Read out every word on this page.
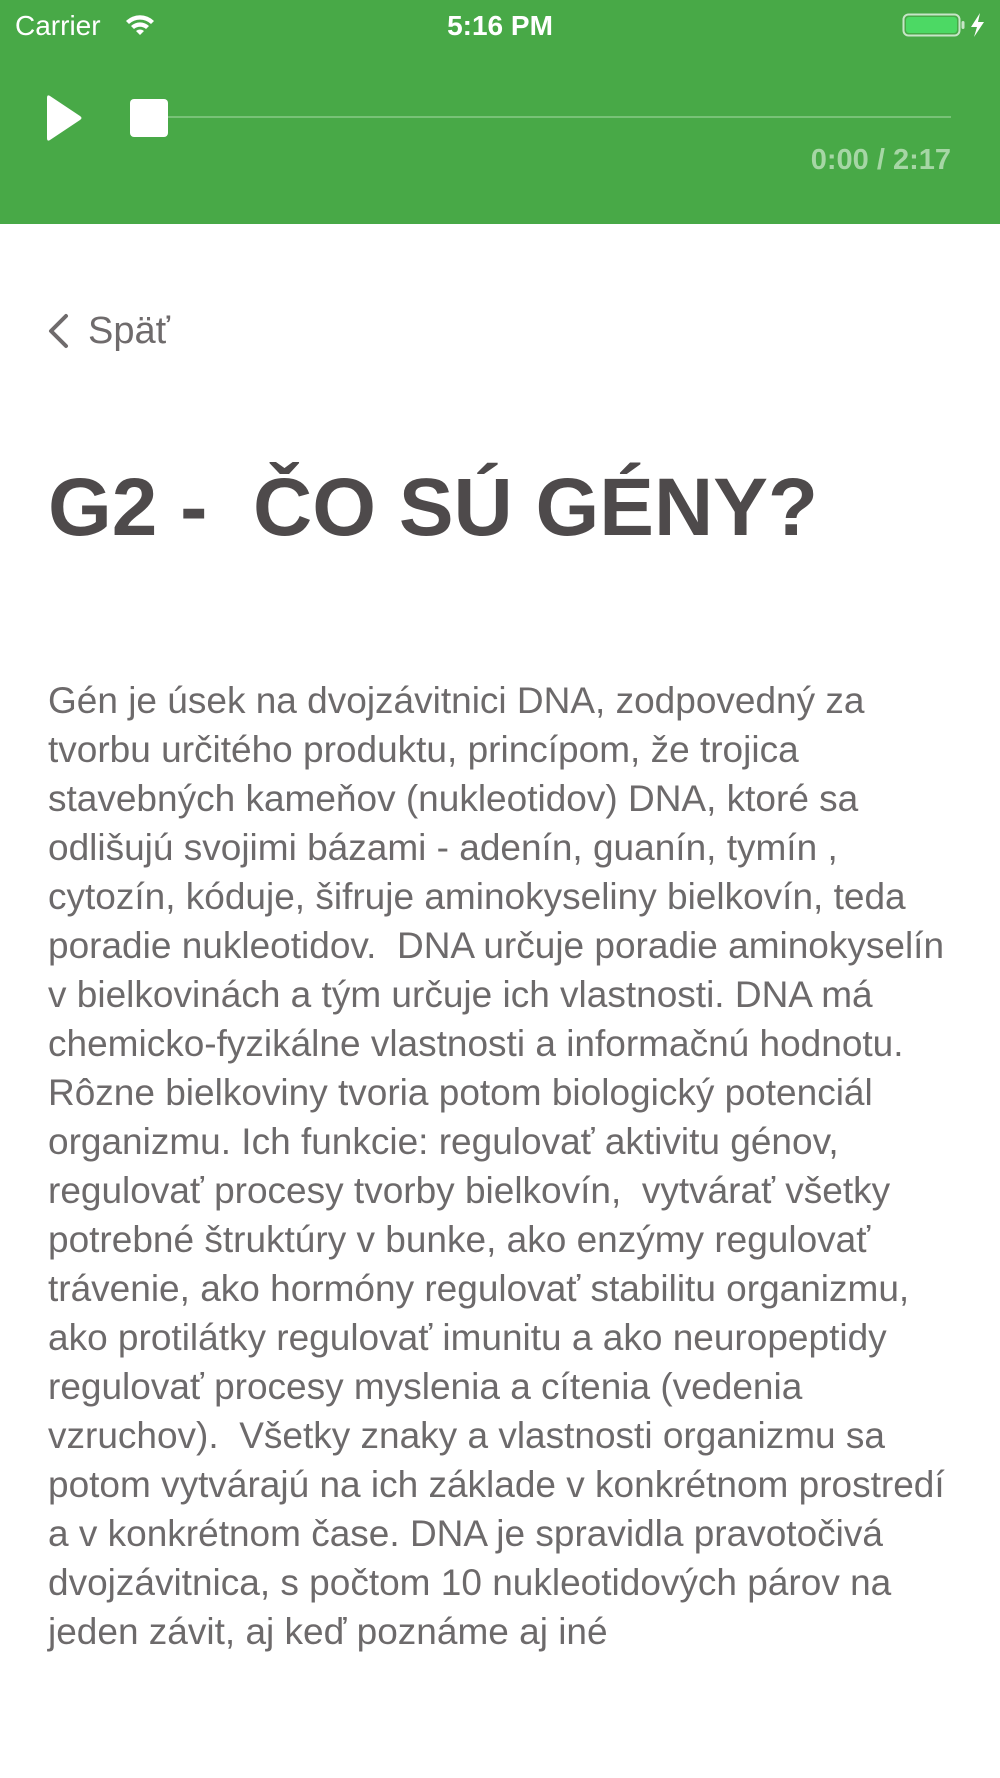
Carrier	5:16 PM
0:00 / 2:17
Späť
G2 -  ČO SÚ GÉNY?

Gén je úsek na dvojzávitnici DNA, zodpovedný za tvorbu určitého produktu, princípom, že trojica stavebných kameňov (nukleotidov) DNA, ktoré sa odlišujú svojimi bázami - adenín, guanín, tymín , cytozín, kóduje, šifruje aminokyseliny bielkovín, teda poradie nukleotidov.  DNA určuje poradie aminokyselín v bielkovinách a tým určuje ich vlastnosti. DNA má chemicko-fyzikálne vlastnosti a informačnú hodnotu. Rôzne bielkoviny tvoria potom biologický potenciál organizmu. Ich funkcie: regulovať aktivitu génov,  regulovať procesy tvorby bielkovín,  vytvárať všetky potrebné štruktúry v bunke, ako enzýmy regulovať trávenie, ako hormóny regulovať stabilitu organizmu, ako protilátky regulovať imunitu a ako neuropeptidy regulovať procesy myslenia a cítenia (vedenia vzruchov).  Všetky znaky a vlastnosti organizmu sa potom vytvárajú na ich základe v konkrétnom prostredí a v konkrétnom čase. DNA je spravidla pravotočivá dvojzávitnica, s počtom 10 nukleotidových párov na jeden závit, aj keď poznáme aj iné
